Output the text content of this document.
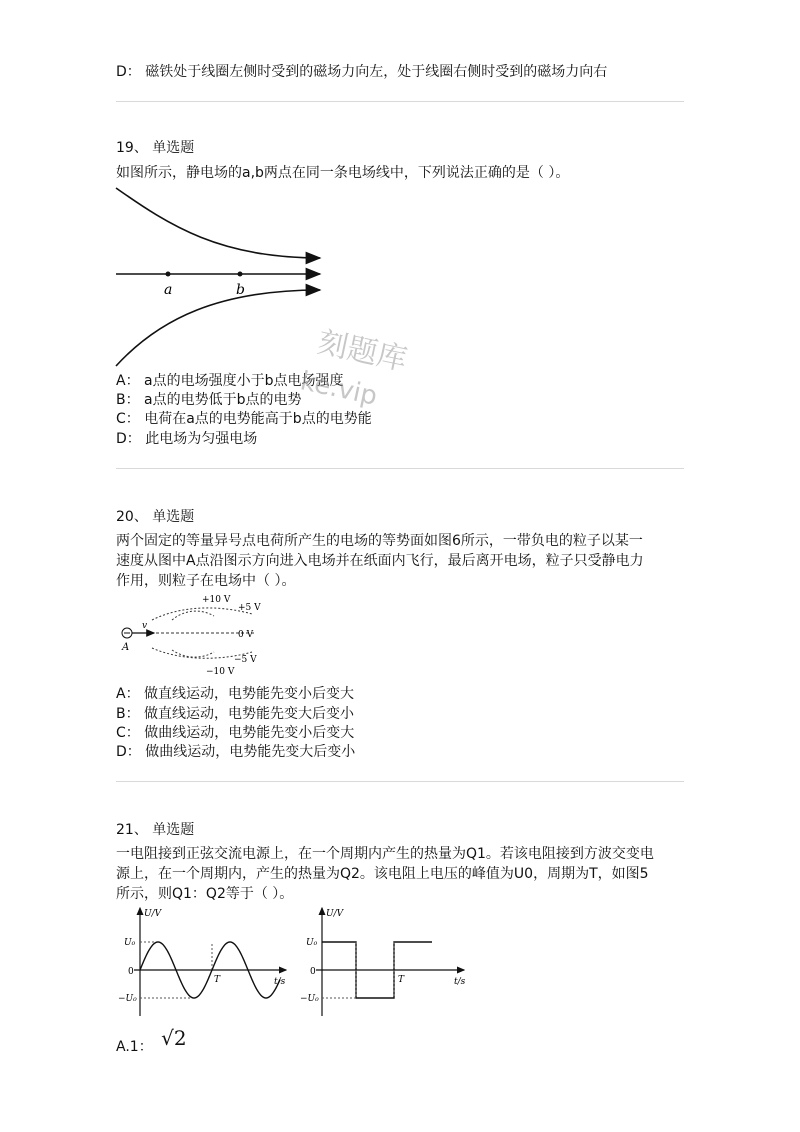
D： 磁铁处于线圈左侧时受到的磁场力向左，处于线圈右侧时受到的磁场力向右
19、 单选题
如图所示，静电场的a,b两点在同一条电场线中，下列说法正确的是（ ）。
a	b
A： a点的电场强度小于b点电场强度
B： a点的电势低于b点的电势
C： 电荷在a点的电势能高于b点的电势能
D： 此电场为匀强电场
20、 单选题
两个固定的等量异号点电荷所产生的电场的等势面如图6所示，一带负电的粒子以某一
速度从图中A点沿图示方向进入电场并在纸面内飞行，最后离开电场，粒子只受静电力
作用，则粒子在电场中（ ）。
v
A
+10 V
+5 V
0 V
−5 V
−10 V
A： 做直线运动，电势能先变小后变大
B： 做直线运动，电势能先变大后变小
C： 做曲线运动，电势能先变小后变大
D： 做曲线运动，电势能先变大后变小
21、 单选题
一电阻接到正弦交流电源上，在一个周期内产生的热量为Q1。若该电阻接到方波交变电
源上，在一个周期内，产生的热量为Q2。该电阻上电压的峰值为U0，周期为T，如图5
所示，则Q1：Q2等于（ ）。
U/V
U₀
0
−U₀
T	t/s
U/V
U₀
0
−U₀
T	t/s
A.1： √2
刻题库
ke.vip
